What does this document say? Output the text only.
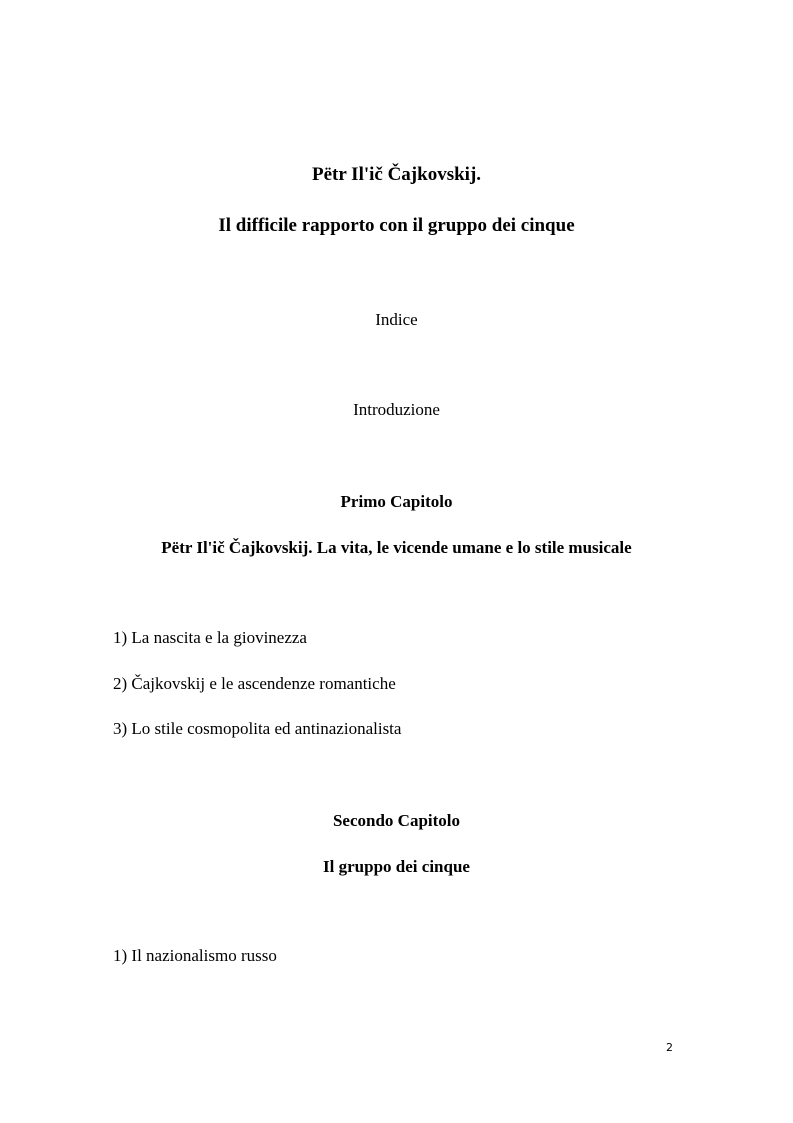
Pëtr Il'ič Čajkovskij.
Il difficile rapporto con il gruppo dei cinque
Indice
Introduzione
Primo Capitolo
Pëtr Il'ič Čajkovskij. La vita, le vicende umane e lo stile musicale
1) La nascita e la giovinezza
2) Čajkovskij e le ascendenze romantiche
3) Lo stile cosmopolita ed antinazionalista
Secondo Capitolo
Il gruppo dei cinque
1) Il nazionalismo russo
2
